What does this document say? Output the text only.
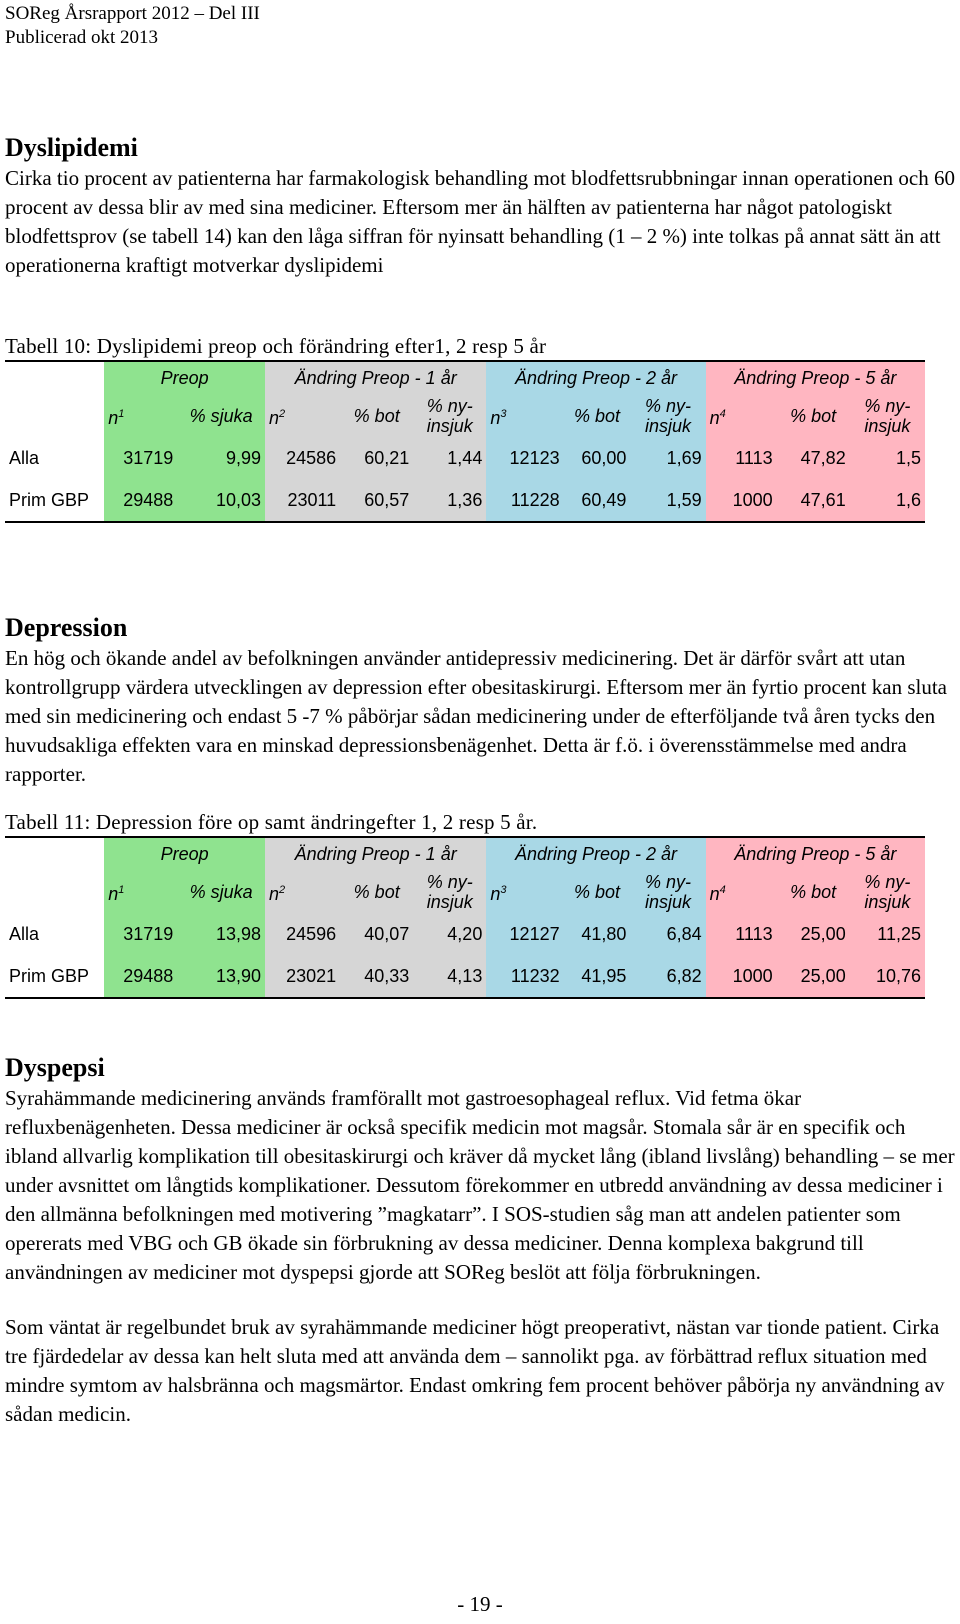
SOReg Årsrapport 2012 – Del III
Publicerad okt 2013
Dyslipidemi

Cirka tio procent av patienterna har farmakologisk behandling mot blodfettsrubbningar innan operationen och 60 procent av dessa blir av med sina mediciner. Eftersom mer än hälften av patienterna har något patologiskt blodfettsprov (se tabell 14) kan den låga siffran för nyinsatt behandling (1 – 2 %) inte tolkas på annat sätt än att operationerna kraftigt motverkar dyslipidemi

Tabell 10: Dyslipidemi preop och förändring efter1, 2 resp 5 år
	Preop		Ändring Preop - 1 år			Ändring Preop - 2 år			Ändring Preop - 5 år		
	$n^1$	% sjuka	$n^2$	% bot	% ny-insjuk	$n^3$	% bot	% ny-insjuk	$n^4$	% bot	% ny-insjuk
Alla	31719	9,99	24586	60,21	1,44	12123	60,00	1,69	1113	47,82	1,5
Prim GBP	29488	10,03	23011	60,57	1,36	11228	60,49	1,59	1000	47,61	1,6
Depression

En hög och ökande andel av befolkningen använder antidepressiv medicinering. Det är därför svårt att utan kontrollgrupp värdera utvecklingen av depression efter obesitaskirurgi. Eftersom mer än fyrtio procent kan sluta med sin medicinering och endast 5 -7 % påbörjar sådan medicinering under de efterföljande två åren tycks den huvudsakliga effekten vara en minskad depressionsbenägenhet. Detta är f.ö. i överensstämmelse med andra rapporter.

Tabell 11: Depression före op samt ändringefter 1, 2 resp 5 år.
	Preop		Ändring Preop - 1 år			Ändring Preop - 2 år			Ändring Preop - 5 år		
	$n^1$	% sjuka	$n^2$	% bot	% ny-insjuk	$n^3$	% bot	% ny-insjuk	$n^4$	% bot	% ny-insjuk
Alla	31719	13,98	24596	40,07	4,20	12127	41,80	6,84	1113	25,00	11,25
Prim GBP	29488	13,90	23021	40,33	4,13	11232	41,95	6,82	1000	25,00	10,76
Dyspepsi

Syrahämmande medicinering används framförallt mot gastroesophageal reflux. Vid fetma ökar refluxbenägenheten. Dessa mediciner är också specifik medicin mot magsår. Stomala sår är en specifik och ibland allvarlig komplikation till obesitaskirurgi och kräver då mycket lång (ibland livslång) behandling – se mer under avsnittet om långtids komplikationer. Dessutom förekommer en utbredd användning av dessa mediciner i den allmänna befolkningen med motivering ”magkatarr”. I SOS-studien såg man att andelen patienter som opererats med VBG och GB ökade sin förbrukning av dessa mediciner. Denna komplexa bakgrund till användningen av mediciner mot dyspepsi gjorde att SOReg beslöt att följa förbrukningen.

Som väntat är regelbundet bruk av syrahämmande mediciner högt preoperativt, nästan var tionde patient. Cirka tre fjärdedelar av dessa kan helt sluta med att använda dem – sannolikt pga. av förbättrad reflux situation med mindre symtom av halsbränna och magsmärtor. Endast omkring fem procent behöver påbörja ny användning av sådan medicin.

- 19 -
